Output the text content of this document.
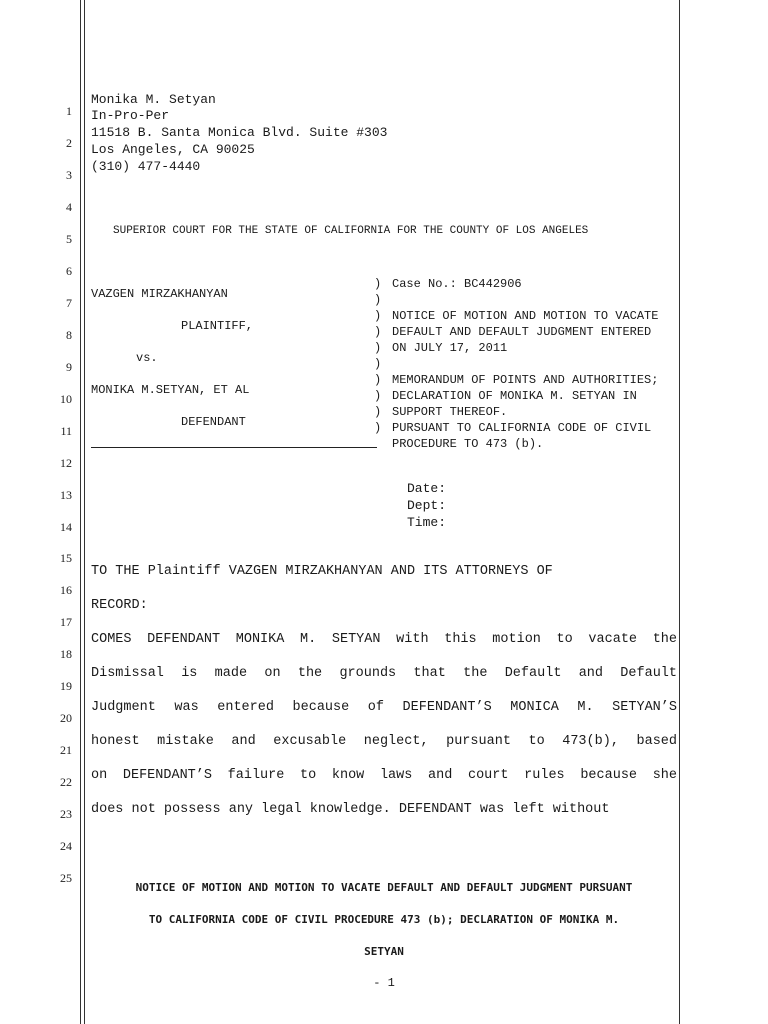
1
2
3
4
5
6
7
8
9
10
11
12
13
14
15
16
17
18
19
20
21
22
23
24
25
Monika M. Setyan
In-Pro-Per
11518 B. Santa Monica Blvd. Suite #303
Los Angeles, CA 90025
(310) 477-4440
SUPERIOR COURT FOR THE STATE OF CALIFORNIA FOR THE COUNTY OF LOS ANGELES
VAZGEN MIRZAKHANYAN
PLAINTIFF,
vs.
MONIKA M.SETYAN, ET AL
DEFENDANT
)
)
)
)
)
)
)
)
)
)
Case No.: BC442906
NOTICE OF MOTION AND MOTION TO VACATE
DEFAULT AND DEFAULT JUDGMENT ENTERED
ON JULY 17, 2011
MEMORANDUM OF POINTS AND AUTHORITIES;
DECLARATION OF MONIKA M. SETYAN IN
SUPPORT THEREOF.
PURSUANT TO CALIFORNIA CODE OF CIVIL
PROCEDURE TO 473 (b).
Date:
Dept:
Time:
TO THE Plaintiff VAZGEN MIRZAKHANYAN AND ITS ATTORNEYS OF
RECORD:
COMES DEFENDANT MONIKA M. SETYAN with this motion to vacate the
Dismissal is made on the grounds that the Default and Default
Judgment was entered because of DEFENDANT’S MONICA M. SETYAN’S
honest mistake and excusable neglect, pursuant to 473(b), based
on DEFENDANT’S failure to know laws and court rules because she
does not possess any legal knowledge. DEFENDANT was left without
NOTICE OF MOTION AND MOTION TO VACATE DEFAULT AND DEFAULT JUDGMENT PURSUANT
TO CALIFORNIA CODE OF CIVIL PROCEDURE 473 (b); DECLARATION OF MONIKA M.
SETYAN
- 1
